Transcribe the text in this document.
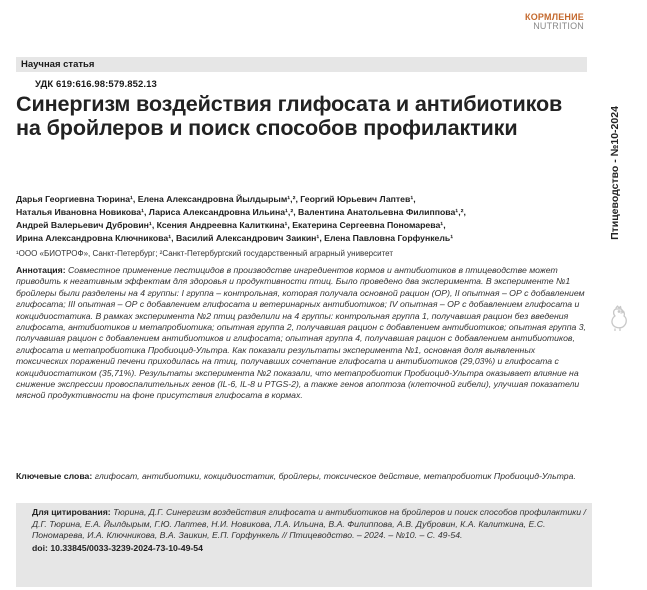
КОРМЛЕНИЕ
NUTRITION
Птицеводство - №10-2024
Научная статья
УДК 619:616.98:579.852.13
Синергизм воздействия глифосата и антибиотиков на бройлеров и поиск способов профилактики
Дарья Георгиевна Тюрина¹, Елена Александровна Йылдырым¹,², Георгий Юрьевич Лаптев¹,
Наталья Ивановна Новикова¹, Лариса Александровна Ильина¹,², Валентина Анатольевна Филиппова¹,²,
Андрей Валерьевич Дубровин¹, Ксения Андреевна Калиткина¹, Екатерина Сергеевна Пономарева¹,
Ирина Александровна Ключникова¹, Василий Александрович Заикин¹, Елена Павловна Горфункель¹
¹ООО «БИОТРОФ», Санкт-Петербург; ²Санкт-Петербургский государственный аграрный университет

Аннотация: Совместное применение пестицидов в производстве ингредиентов кормов и антибиотиков в птицеводстве может приводить к негативным эффектам для здоровья и продуктивности птиц. Было проведено два эксперимента. В эксперименте №1 бройлеры были разделены на 4 группы: I группа – контрольная, которая получала основной рацион (ОР), II опытная – ОР с добавлением глифосата; III опытная – ОР с добавлением глифосата и ветеринарных антибиотиков; IV опытная – ОР с добавлением глифосата и кокцидиостатика. В рамках эксперимента №2 птиц разделили на 4 группы: контрольная группа 1, получавшая рацион без введения глифосата, антибиотиков и метапробиотика; опытная группа 2, получавшая рацион с добавлением антибиотиков; опытная группа 3, получавшая рацион с добавлением антибиотиков и глифосата; опытная группа 4, получавшая рацион с добавлением антибиотиков, глифосата и метапробиотика Пробиоцид-Ультра. Как показали результаты эксперимента №1, основная доля выявленных токсических поражений печени приходилась на птиц, получавших сочетание глифосата и антибиотиков (29,03%) и глифосата с кокцидиостатиком (35,71%). Результаты эксперимента №2 показали, что метапробиотик Пробиоцид-Ультра оказывает влияние на снижение экспрессии провоспалительных генов (IL-6, IL-8 и PTGS-2), а также генов апоптоза (клеточной гибели), улучшая показатели мясной продуктивности на фоне присутствия глифосата в кормах.

Ключевые слова: глифосат, антибиотики, кокцидиостатик, бройлеры, токсическое действие, метапробиотик Пробиоцид-Ультра.

Для цитирования: Тюрина, Д.Г. Синергизм воздействия глифосата и антибиотиков на бройлеров и поиск способов профилактики / Д.Г. Тюрина, Е.А. Йылдырым, Г.Ю. Лаптев, Н.И. Новикова, Л.А. Ильина, В.А. Филиппова, А.В. Дубровин, К.А. Калиткина, Е.С. Пономарева, И.А. Ключникова, В.А. Заикин, Е.П. Горфункель // Птицеводство. – 2024. – №10. – С. 49-54.

doi: 10.33845/0033-3239-2024-73-10-49-54
